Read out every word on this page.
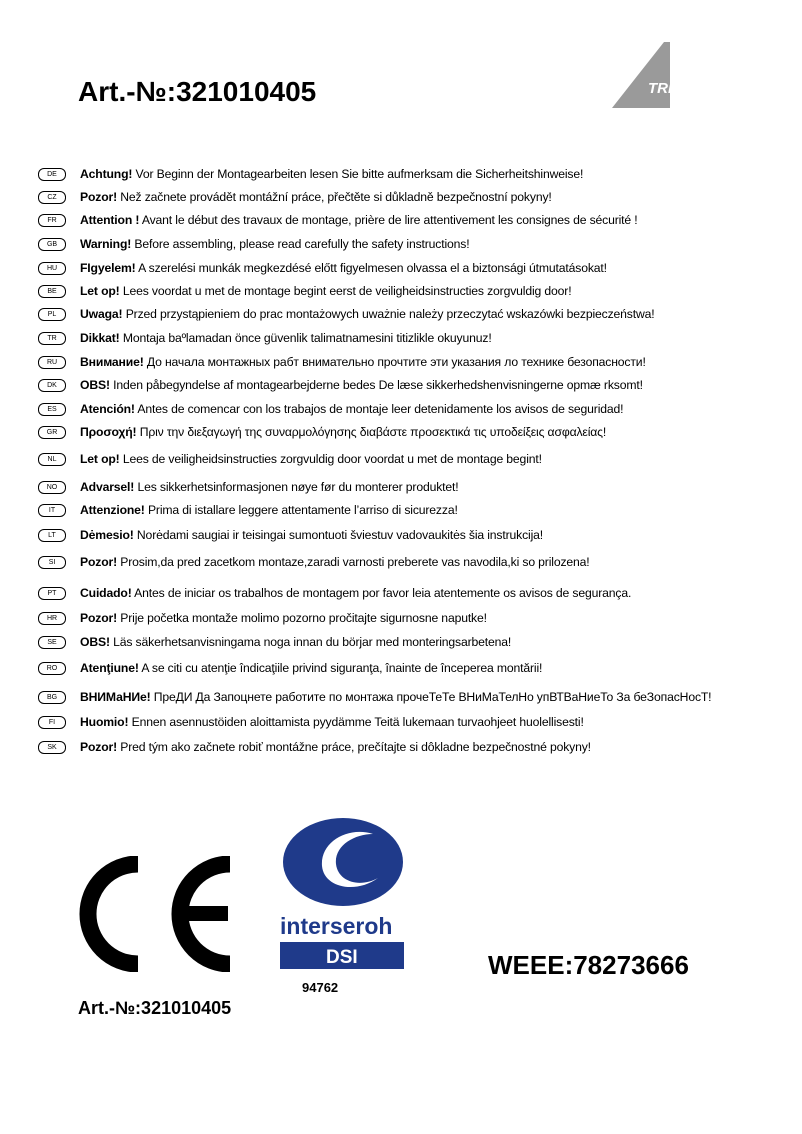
Art.-№:321010405	TRIO
DE	Achtung! Vor Beginn der Montagearbeiten lesen Sie bitte aufmerksam die Sicherheitshinweise!
CZ	Pozor! Než začnete provádět montážní práce, přečtěte si důkladně bezpečnostní pokyny!
FR	Attention ! Avant le début des travaux de montage, prière de lire attentivement les consignes de sécurité !
GB	Warning! Before assembling, please read carefully the safety instructions!
HU	FIgyelem! A szerelési munkák megkezdésé előtt figyelmesen olvassa el a biztonsági útmutatásokat!
BE	Let op! Lees voordat u met de montage begint eerst de veiligheidsinstructies zorgvuldig door!
PL	Uwaga! Przed przystąpieniem do prac montażowych uważnie należy przeczytać wskazówki bezpieczeństwa!
TR	Dikkat! Montaja baºlamadan önce güvenlik talimatnamesini titizlikle okuyunuz!
RU	Внимание! До начала монтажных рабт внимательно прочтите эти указания ло технике безопасности!
DK	OBS! Inden påbegyndelse af montagearbejderne bedes De læse sikkerhedshenvisningerne opmæ rksomt!
ES	Atención! Antes de comencar con los trabajos de montaje leer detenidamente los avisos de seguridad!
GR	Προσοχή! Πριν την διεξαγωγή της συναρμολόγησης διαβάστε προσεκτικά τις υποδείξεις ασφαλείας!
NL	Let op! Lees de veiligheidsinstructies zorgvuldig door voordat u met de montage begint!
NO	Advarsel! Les sikkerhetsinformasjonen nøye før du monterer produktet!
IT	Attenzione! Prima di istallare leggere attentamente l’arriso di sicurezza!
LT	Dėmesio! Norėdami saugiai ir teisingai sumontuoti šviestuv vadovaukitės šia instrukcija!
SI	Pozor! Prosim,da pred zacetkom montaze,zaradi varnosti preberete vas navodila,ki so prilozena!
PT	Cuidado! Antes de iniciar os trabalhos de montagem por favor leia atentemente os avisos de segurança.
HR	Pozor! Prije početka montaže molimo pozorno pročitajte sigurnosne naputke!
SE	OBS! Läs säkerhetsanvisningama noga innan du börjar med monteringsarbetena!
RO	Atenţiune! A se citi cu atenţie îndicaţiile privind siguranţa, înainte de începerea montării!
BG	ВНИМаНИе! ПреДИ Да Запоцнете работите по монтажа прочеТеТе ВНиМаТелНо упВТВаНиеТо За беЗопасНосТ!
FI	Huomio! Ennen asennustöiden aloittamista pyydämme Teitä lukemaan turvaohjeet huolellisesti!
SK	Pozor! Pred tým ako začnete robiť montážne práce, prečítajte si dôkladne bezpečnostné pokyny!
interseroh
DSI
94762
WEEE:78273666
Art.-№:321010405
